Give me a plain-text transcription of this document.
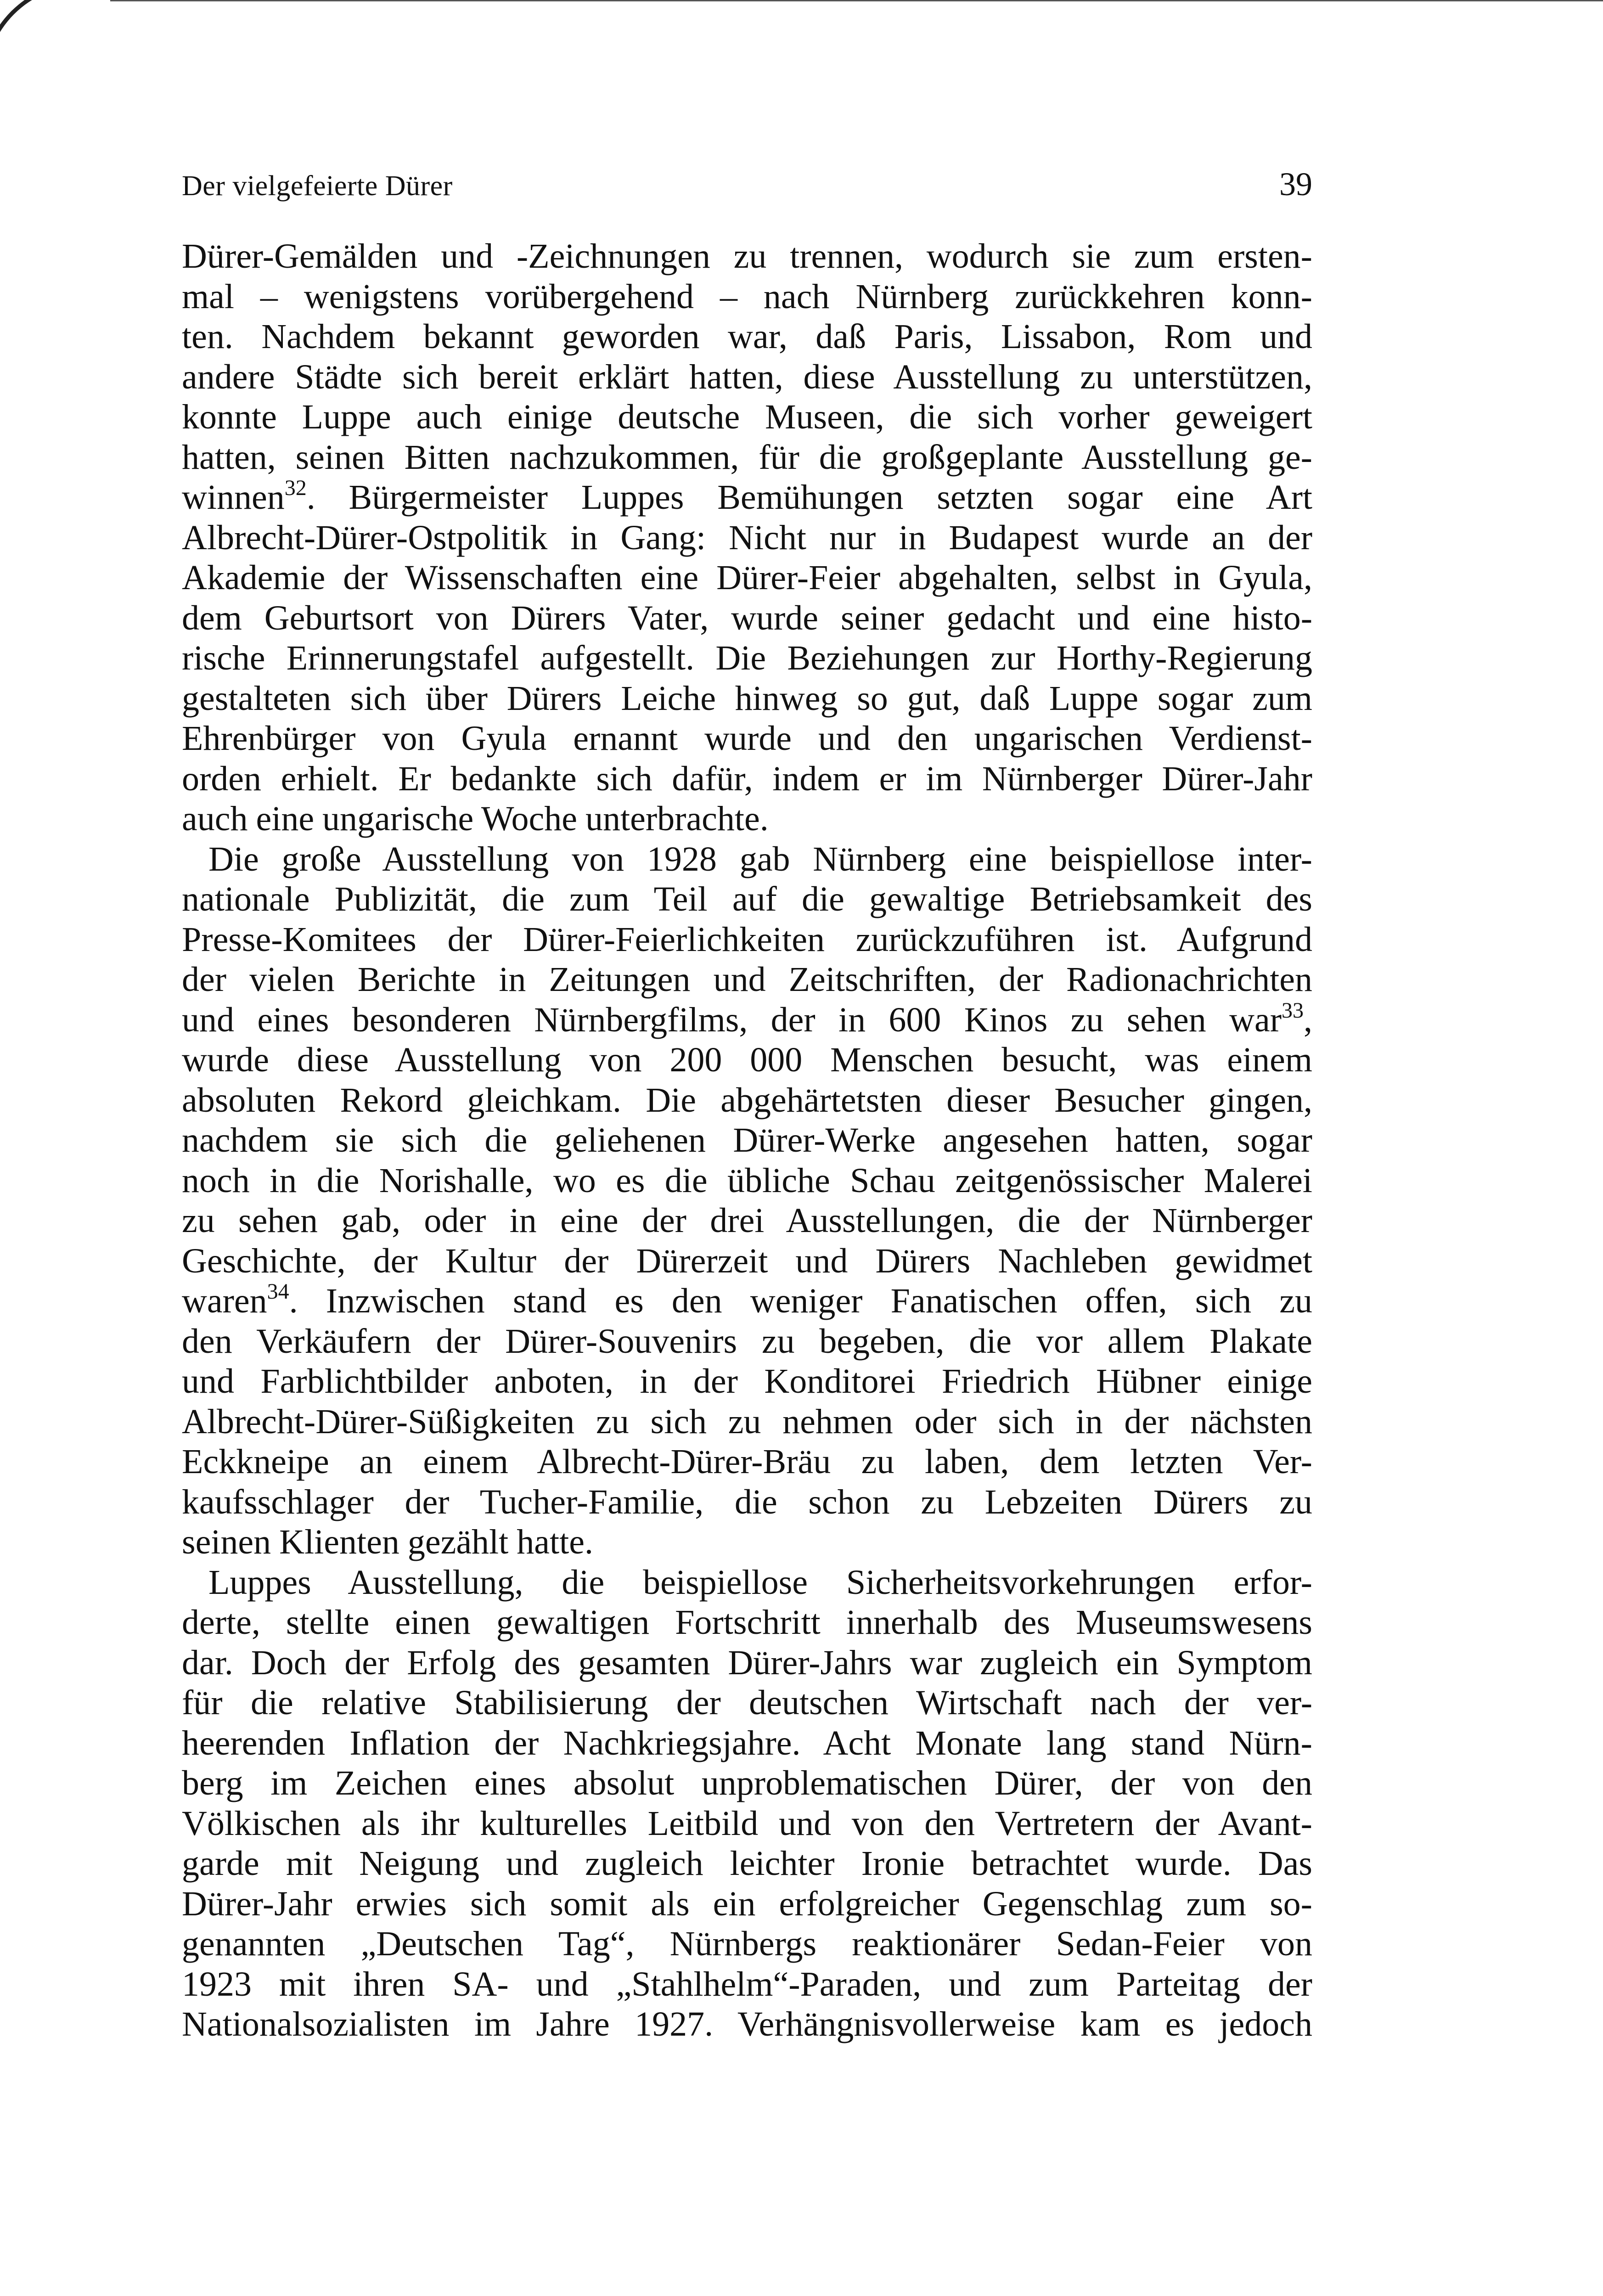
Der vielgefeierte Dürer	39
Dürer-Gemälden und -Zeichnungen zu trennen, wodurch sie zum ersten-
mal – wenigstens vorübergehend – nach Nürnberg zurückkehren konn-
ten. Nachdem bekannt geworden war, daß Paris, Lissabon, Rom und
andere Städte sich bereit erklärt hatten, diese Ausstellung zu unterstützen,
konnte Luppe auch einige deutsche Museen, die sich vorher geweigert
hatten, seinen Bitten nachzukommen, für die großgeplante Ausstellung ge-
winnen$^{32}$. Bürgermeister Luppes Bemühungen setzten sogar eine Art
Albrecht-Dürer-Ostpolitik in Gang: Nicht nur in Budapest wurde an der
Akademie der Wissenschaften eine Dürer-Feier abgehalten, selbst in Gyula,
dem Geburtsort von Dürers Vater, wurde seiner gedacht und eine histo-
rische Erinnerungstafel aufgestellt. Die Beziehungen zur Horthy-Regierung
gestalteten sich über Dürers Leiche hinweg so gut, daß Luppe sogar zum
Ehrenbürger von Gyula ernannt wurde und den ungarischen Verdienst-
orden erhielt. Er bedankte sich dafür, indem er im Nürnberger Dürer-Jahr
auch eine ungarische Woche unterbrachte.
Die große Ausstellung von 1928 gab Nürnberg eine beispiellose inter-
nationale Publizität, die zum Teil auf die gewaltige Betriebsamkeit des
Presse-Komitees der Dürer-Feierlichkeiten zurückzuführen ist. Aufgrund
der vielen Berichte in Zeitungen und Zeitschriften, der Radionachrichten
und eines besonderen Nürnbergfilms, der in 600 Kinos zu sehen war$^{33}$,
wurde diese Ausstellung von 200 000 Menschen besucht, was einem
absoluten Rekord gleichkam. Die abgehärtetsten dieser Besucher gingen,
nachdem sie sich die geliehenen Dürer-Werke angesehen hatten, sogar
noch in die Norishalle, wo es die übliche Schau zeitgenössischer Malerei
zu sehen gab, oder in eine der drei Ausstellungen, die der Nürnberger
Geschichte, der Kultur der Dürerzeit und Dürers Nachleben gewidmet
waren$^{34}$. Inzwischen stand es den weniger Fanatischen offen, sich zu
den Verkäufern der Dürer-Souvenirs zu begeben, die vor allem Plakate
und Farblichtbilder anboten, in der Konditorei Friedrich Hübner einige
Albrecht-Dürer-Süßigkeiten zu sich zu nehmen oder sich in der nächsten
Eckkneipe an einem Albrecht-Dürer-Bräu zu laben, dem letzten Ver-
kaufsschlager der Tucher-Familie, die schon zu Lebzeiten Dürers zu
seinen Klienten gezählt hatte.
Luppes Ausstellung, die beispiellose Sicherheitsvorkehrungen erfor-
derte, stellte einen gewaltigen Fortschritt innerhalb des Museumswesens
dar. Doch der Erfolg des gesamten Dürer-Jahrs war zugleich ein Symptom
für die relative Stabilisierung der deutschen Wirtschaft nach der ver-
heerenden Inflation der Nachkriegsjahre. Acht Monate lang stand Nürn-
berg im Zeichen eines absolut unproblematischen Dürer, der von den
Völkischen als ihr kulturelles Leitbild und von den Vertretern der Avant-
garde mit Neigung und zugleich leichter Ironie betrachtet wurde. Das
Dürer-Jahr erwies sich somit als ein erfolgreicher Gegenschlag zum so-
genannten „Deutschen Tag“, Nürnbergs reaktionärer Sedan-Feier von
1923 mit ihren SA- und „Stahlhelm“-Paraden, und zum Parteitag der
Nationalsozialisten im Jahre 1927. Verhängnisvollerweise kam es jedoch
